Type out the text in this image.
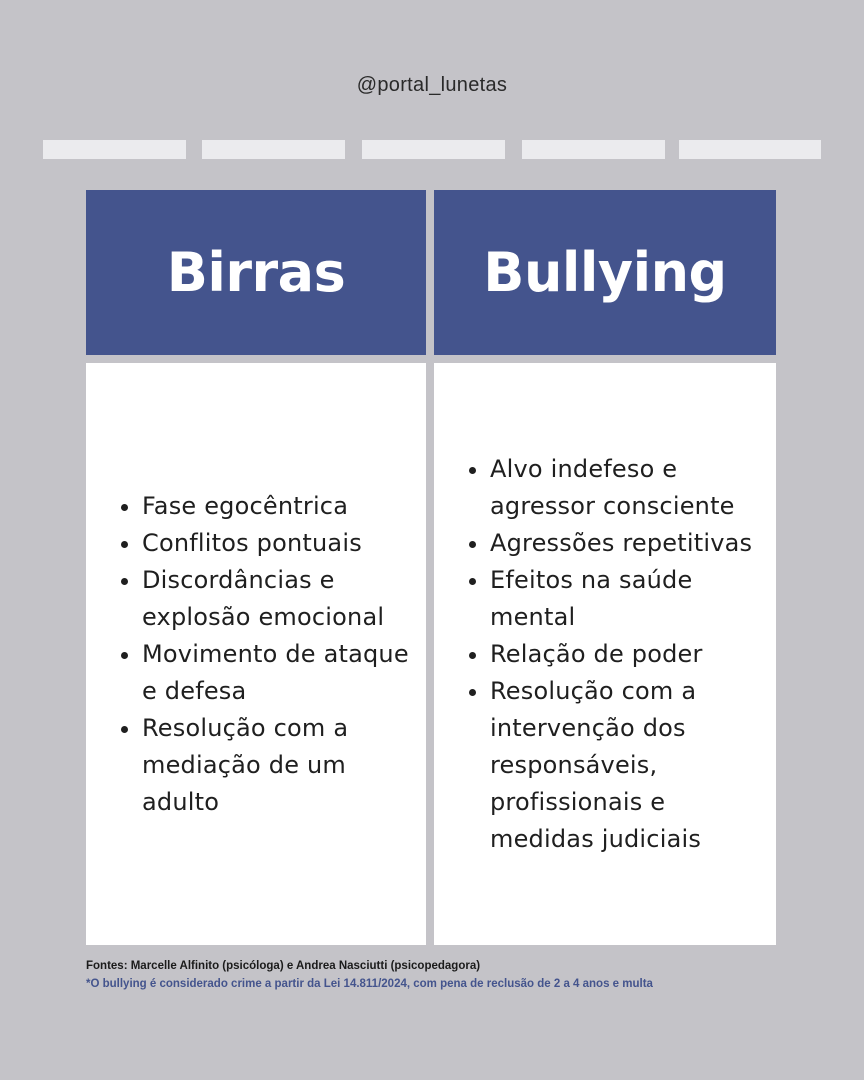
@portal_lunetas
Birras	Bullying
• Fase egocêntrica
• Conflitos pontuais
• Discordâncias e explosão emocional
• Movimento de ataque e defesa
• Resolução com a mediação de um adulto
• Alvo indefeso e agressor consciente
• Agressões repetitivas
• Efeitos na saúde mental
• Relação de poder
• Resolução com a intervenção dos responsáveis, profissionais e medidas judiciais
Fontes: Marcelle Alfinito (psicóloga) e Andrea Nasciutti (psicopedagora)
*O bullying é considerado crime a partir da Lei 14.811/2024, com pena de reclusão de 2 a 4 anos e multa
